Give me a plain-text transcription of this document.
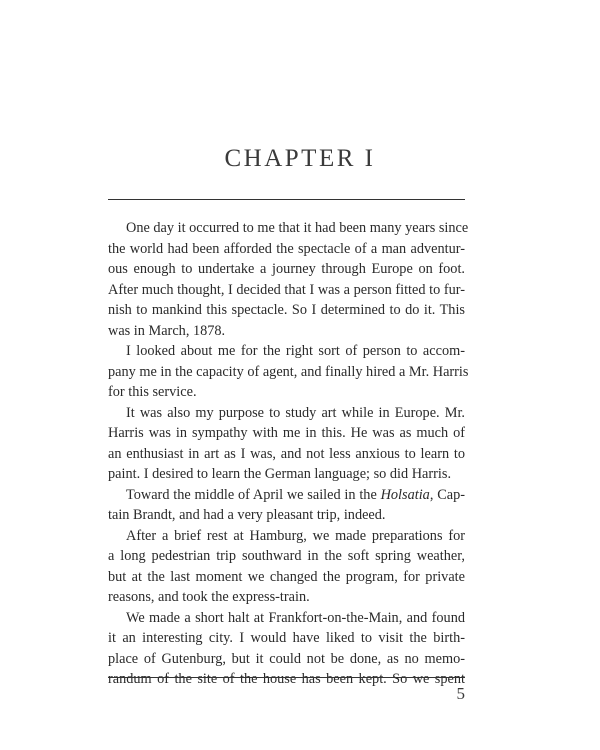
CHAPTER I
One day it occurred to me that it had been many years since
the world had been afforded the spectacle of a man adventur-
ous enough to undertake a journey through Europe on foot.
After much thought, I decided that I was a person fitted to fur-
nish to mankind this spectacle. So I determined to do it. This
was in March, 1878.
I looked about me for the right sort of person to accom-
pany me in the capacity of agent, and finally hired a Mr. Harris
for this service.
It was also my purpose to study art while in Europe. Mr.
Harris was in sympathy with me in this. He was as much of
an enthusiast in art as I was, and not less anxious to learn to
paint. I desired to learn the German language; so did Harris.
Toward the middle of April we sailed in the Holsatia, Cap-
tain Brandt, and had a very pleasant trip, indeed.
After a brief rest at Hamburg, we made preparations for
a long pedestrian trip southward in the soft spring weather,
but at the last moment we changed the program, for private
reasons, and took the express-train.
We made a short halt at Frankfort-on-the-Main, and found
it an interesting city. I would have liked to visit the birth-
place of Gutenburg, but it could not be done, as no memo-
randum of the site of the house has been kept. So we spent
5
